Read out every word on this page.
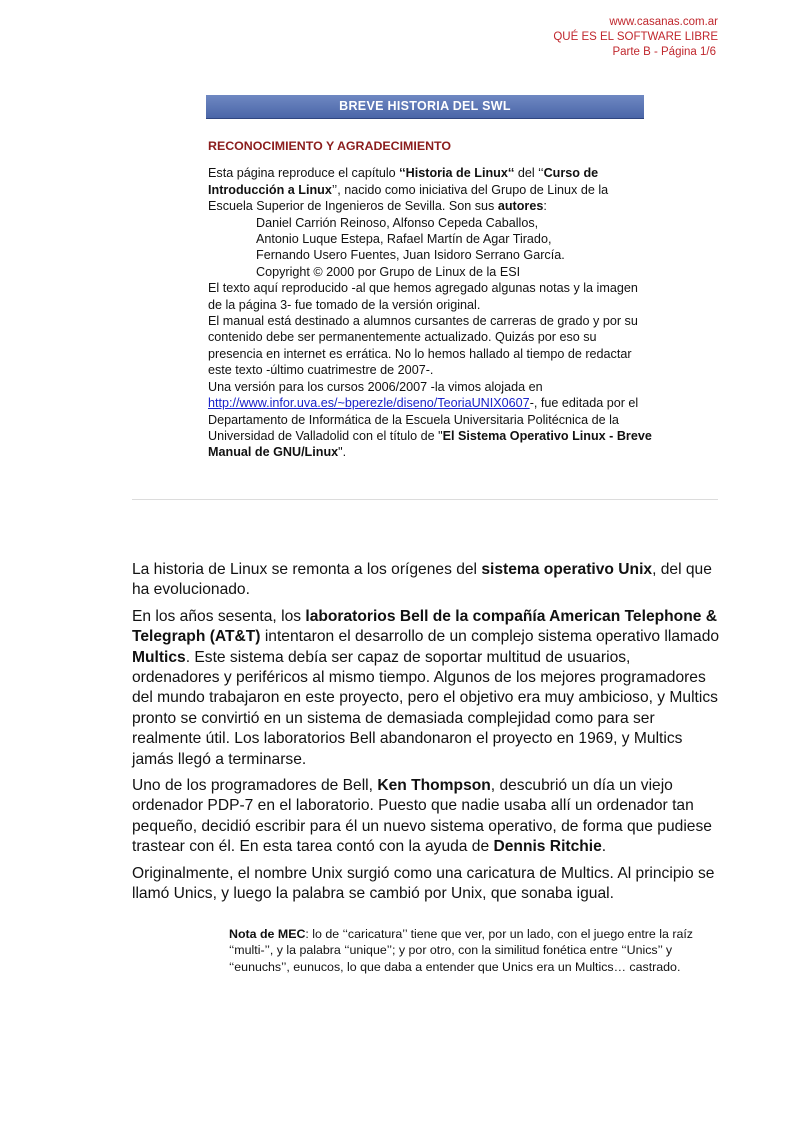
www.casanas.com.ar
QUÉ ES EL SOFTWARE LIBRE
Parte B - Página 1/6
BREVE HISTORIA DEL SWL
RECONOCIMIENTO Y AGRADECIMIENTO

Esta página reproduce el capítulo ‘‘Historia de Linux‘‘ del ‘‘Curso de Introducción a Linux’’, nacido como iniciativa del Grupo de Linux de la Escuela Superior de Ingenieros de Sevilla. Son sus autores:

Daniel Carrión Reinoso, Alfonso Cepeda Caballos,

Antonio Luque Estepa, Rafael Martín de Agar Tirado,

Fernando Usero Fuentes, Juan Isidoro Serrano García.

Copyright © 2000 por Grupo de Linux de la ESI

El texto aquí reproducido -al que hemos agregado algunas notas y la imagen de la página 3- fue tomado de la versión original.

El manual está destinado a alumnos cursantes de carreras de grado y por su contenido debe ser permanentemente actualizado. Quizás por eso su presencia en internet es errática. No lo hemos hallado al tiempo de redactar este texto -último cuatrimestre de 2007-.

Una versión para los cursos 2006/2007 -la vimos alojada en http://www.infor.uva.es/~bperezle/diseno/TeoriaUNIX0607-, fue editada por el Departamento de Informática de la Escuela Universitaria Politécnica de la Universidad de Valladolid con el título de "El Sistema Operativo Linux - Breve Manual de GNU/Linux".

La historia de Linux se remonta a los orígenes del sistema operativo Unix, del que ha evolucionado.

En los años sesenta, los laboratorios Bell de la compañía American Telephone & Telegraph (AT&T) intentaron el desarrollo de un complejo sistema operativo llamado Multics. Este sistema debía ser capaz de soportar multitud de usuarios, ordenadores y periféricos al mismo tiempo. Algunos de los mejores programadores del mundo trabajaron en este proyecto, pero el objetivo era muy ambicioso, y Multics pronto se convirtió en un sistema de demasiada complejidad como para ser realmente útil. Los laboratorios Bell abandonaron el proyecto en 1969, y Multics jamás llegó a terminarse.

Uno de los programadores de Bell, Ken Thompson, descubrió un día un viejo ordenador PDP-7 en el laboratorio. Puesto que nadie usaba allí un ordenador tan pequeño, decidió escribir para él un nuevo sistema operativo, de forma que pudiese trastear con él. En esta tarea contó con la ayuda de Dennis Ritchie.

Originalmente, el nombre Unix surgió como una caricatura de Multics. Al principio se llamó Unics, y luego la palabra se cambió por Unix, que sonaba igual.

Nota de MEC: lo de ‘‘caricatura’’ tiene que ver, por un lado, con el juego entre la raíz ‘‘multi-’’, y la palabra ‘‘unique’’; y por otro, con la similitud fonética entre ‘‘Unics’’ y ‘‘eunuchs’’, eunucos, lo que daba a entender que Unics era un Multics… castrado.
